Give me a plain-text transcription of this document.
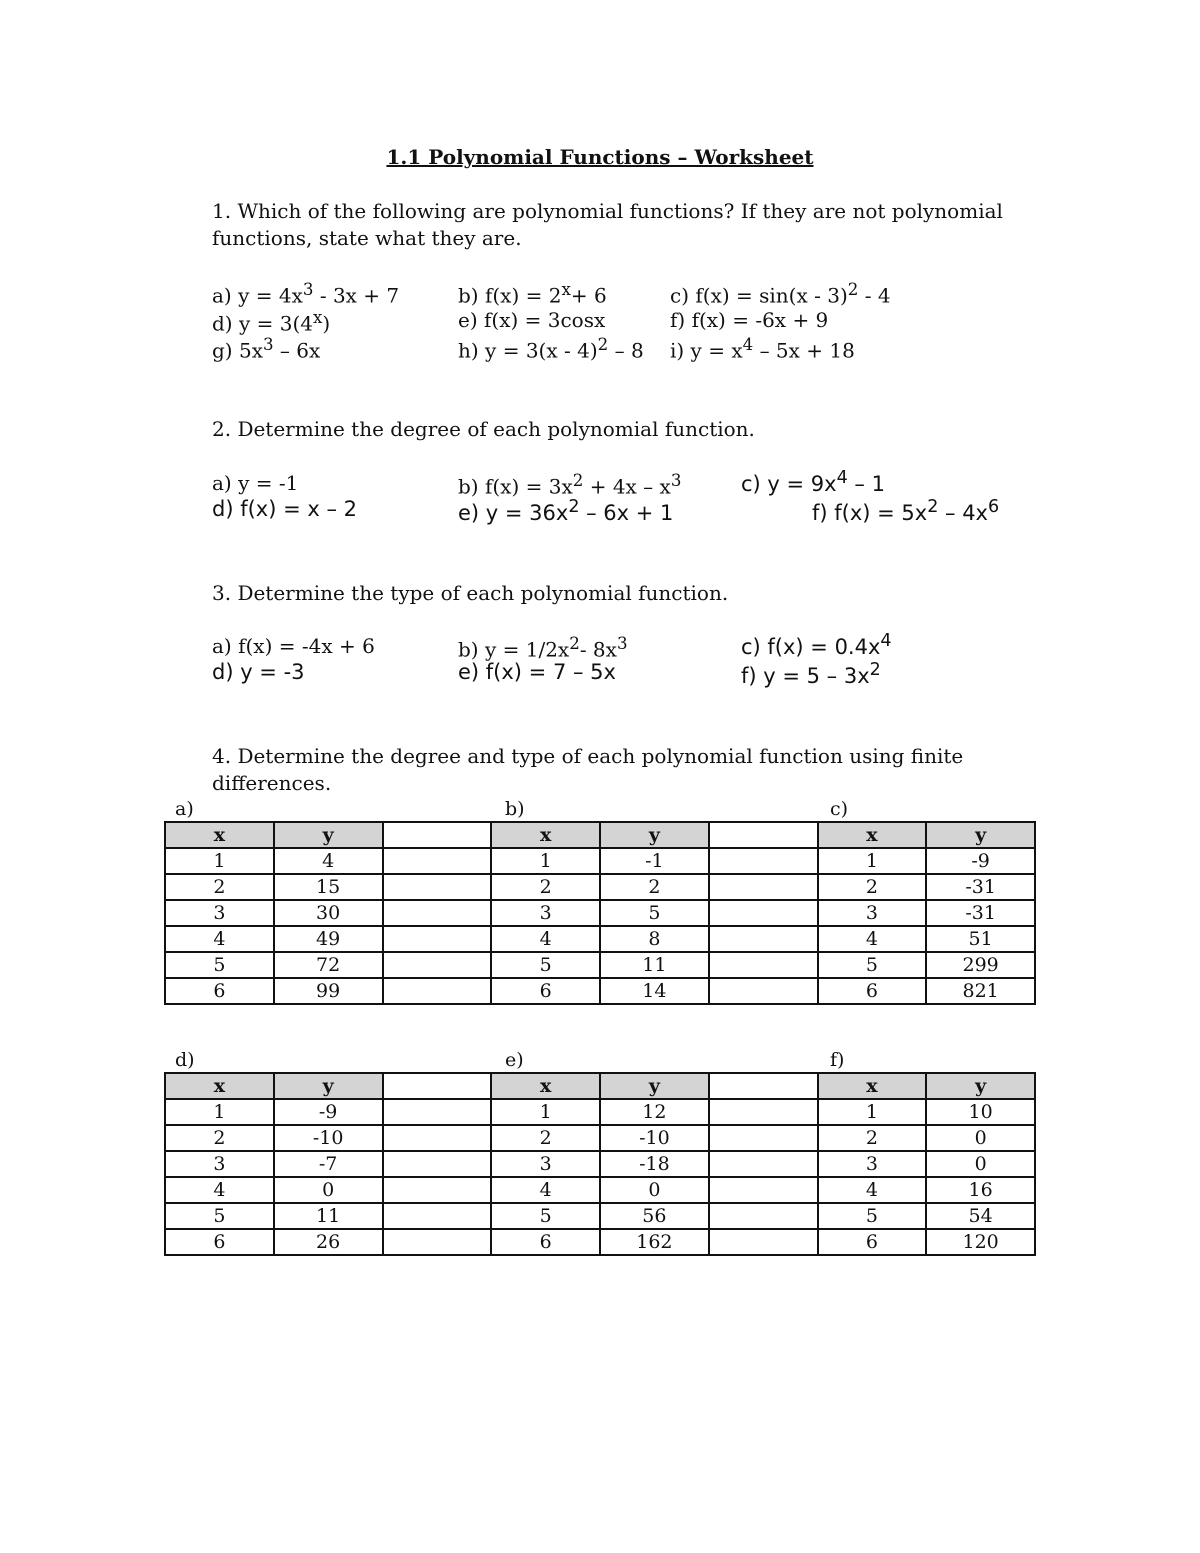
1.1 Polynomial Functions – Worksheet
1. Which of the following are polynomial functions? If they are not polynomial
functions, state what they are.
a) $y = 4x^3 - 3x + 7$	b) $f(x) = 2^x+ 6$	c) f(x) = sin(x - 3)$^2$ - 4
d) $y = 3(4^x)$	e) f(x) = 3cosx	f) f(x) = -6x + 9
g) $5x^3 - 6x$	h) y = 3(x - 4)$^2$ – 8 i) $y = x^4 - 5x + 18$
2. Determine the degree of each polynomial function.
a) y = -1	b) $f(x) = 3x^2 + 4x - x^3$	c) $y = 9x^4 - 1$
d) f(x) = x – 2	e) $y = 36x^2 - 6x + 1$	f) $f(x) = 5x^2 - 4x^6$
3. Determine the type of each polynomial function.
a) f(x) = -4x + 6	b) $y = 1/2x^2-$ $8x^3$	c) $f(x) = 0.4x^4$
d) y = -3	e) f(x) = 7 – 5x	f) $y = 5 - 3x^2$
4. Determine the degree and type of each polynomial function using finite
differences.
a)	b)	c)
x	y		x	y		x	y
1	4		1	-1		1	-9
2	15		2	2		2	-31
3	30		3	5		3	-31
4	49		4	8		4	51
5	72		5	11		5	299
6	99		6	14		6	821
d)	e)	f)
x	y		x	y		x	y
1	-9		1	12		1	10
2	-10		2	-10		2	0
3	-7		3	-18		3	0
4	0		4	0		4	16
5	11		5	56		5	54
6	26		6	162		6	120
